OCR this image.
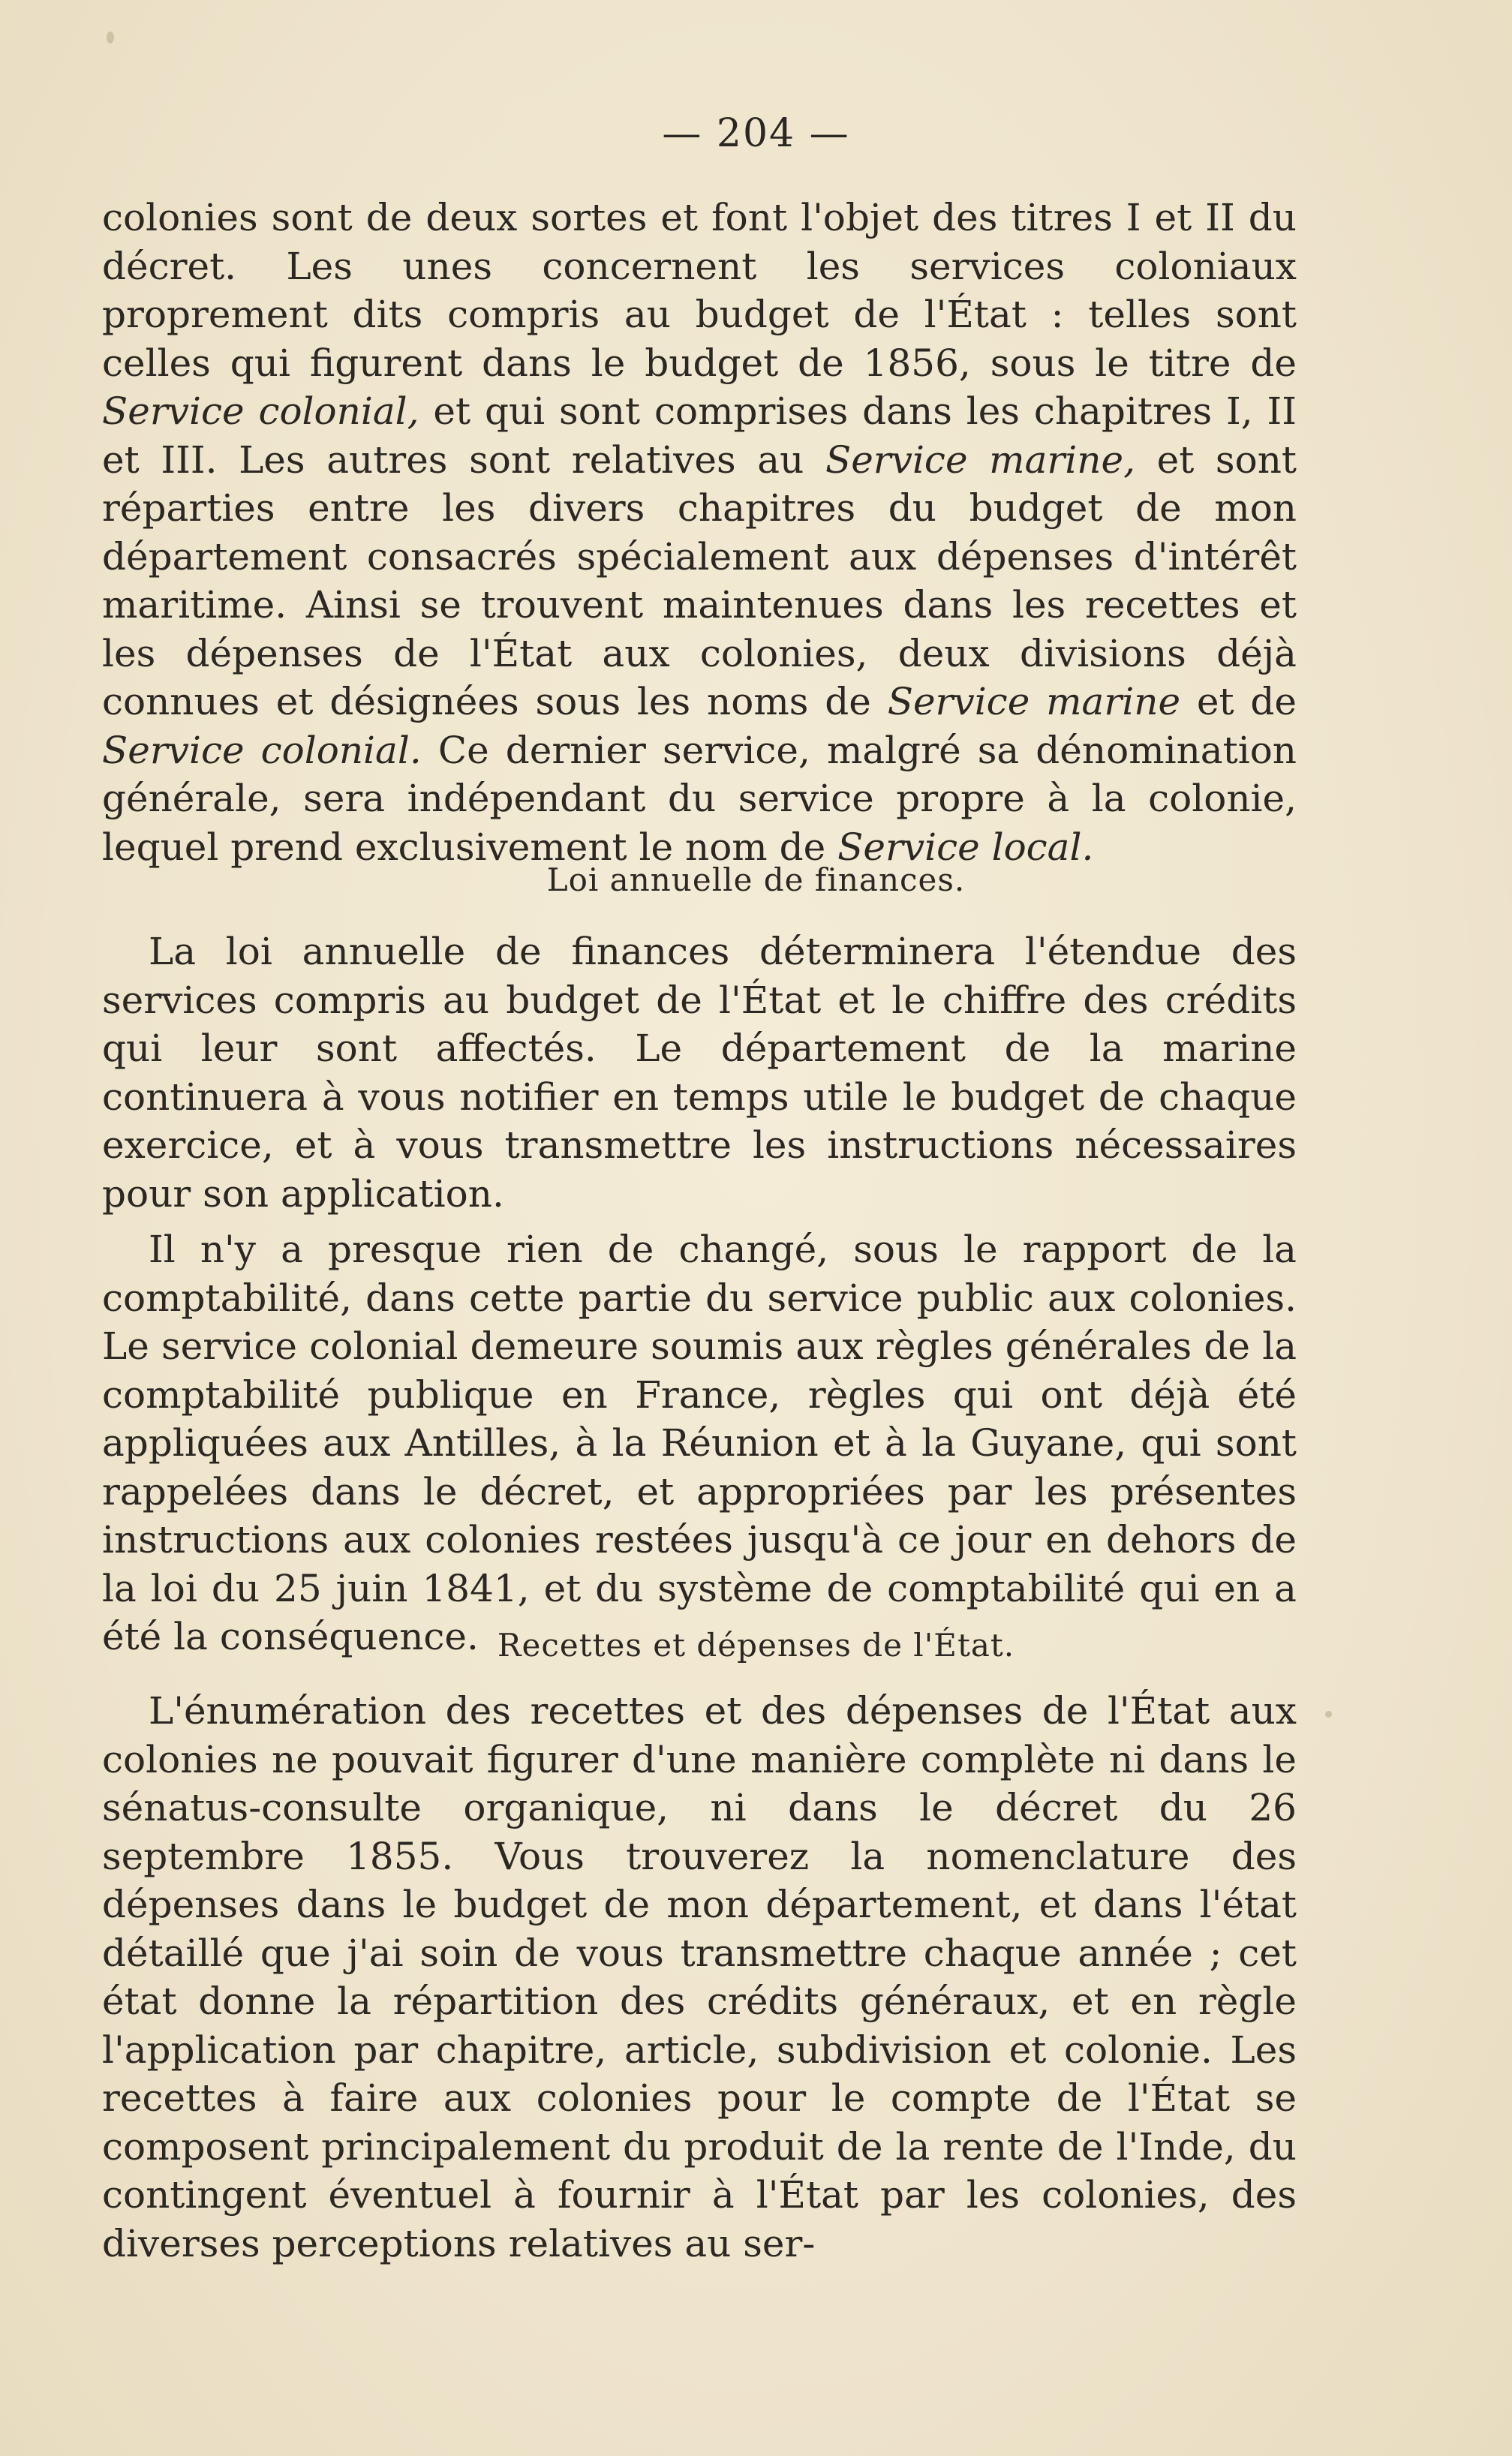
— 204 —

colonies sont de deux sortes et font l'objet des titres I et II du décret. Les unes concernent les services coloniaux proprement dits compris au budget de l'État : telles sont celles qui figurent dans le budget de 1856, sous le titre de Service colonial, et qui sont comprises dans les chapitres I, II et III. Les autres sont relatives au Service marine, et sont réparties entre les divers chapitres du budget de mon département consacrés spécialement aux dépenses d'intérêt maritime. Ainsi se trouvent maintenues dans les recettes et les dépenses de l'État aux colonies, deux divisions déjà connues et désignées sous les noms de Service marine et de Service colonial. Ce dernier service, malgré sa dénomination générale, sera indépendant du service propre à la colonie, lequel prend exclusivement le nom de Service local.

Loi annuelle de finances.

La loi annuelle de finances déterminera l'étendue des services compris au budget de l'État et le chiffre des crédits qui leur sont affectés. Le département de la marine continuera à vous notifier en temps utile le budget de chaque exercice, et à vous transmettre les instructions nécessaires pour son application.

Il n'y a presque rien de changé, sous le rapport de la comptabilité, dans cette partie du service public aux colonies. Le service colonial demeure soumis aux règles générales de la comptabilité publique en France, règles qui ont déjà été appliquées aux Antilles, à la Réunion et à la Guyane, qui sont rappelées dans le décret, et appropriées par les présentes instructions aux colonies restées jusqu'à ce jour en dehors de la loi du 25 juin 1841, et du système de comptabilité qui en a été la conséquence. Recettes et dépenses de l'État.

L'énumération des recettes et des dépenses de l'État aux colonies ne pouvait figurer d'une manière complète ni dans le sénatus-consulte organique, ni dans le décret du 26 septembre 1855. Vous trouverez la nomenclature des dépenses dans le budget de mon département, et dans l'état détaillé que j'ai soin de vous transmettre chaque année ; cet état donne la répartition des crédits généraux, et en règle l'application par chapitre, article, subdivision et colonie. Les recettes à faire aux colonies pour le compte de l'État se composent principalement du produit de la rente de l'Inde, du contingent éventuel à fournir à l'État par les colonies, des diverses perceptions relatives au ser-
